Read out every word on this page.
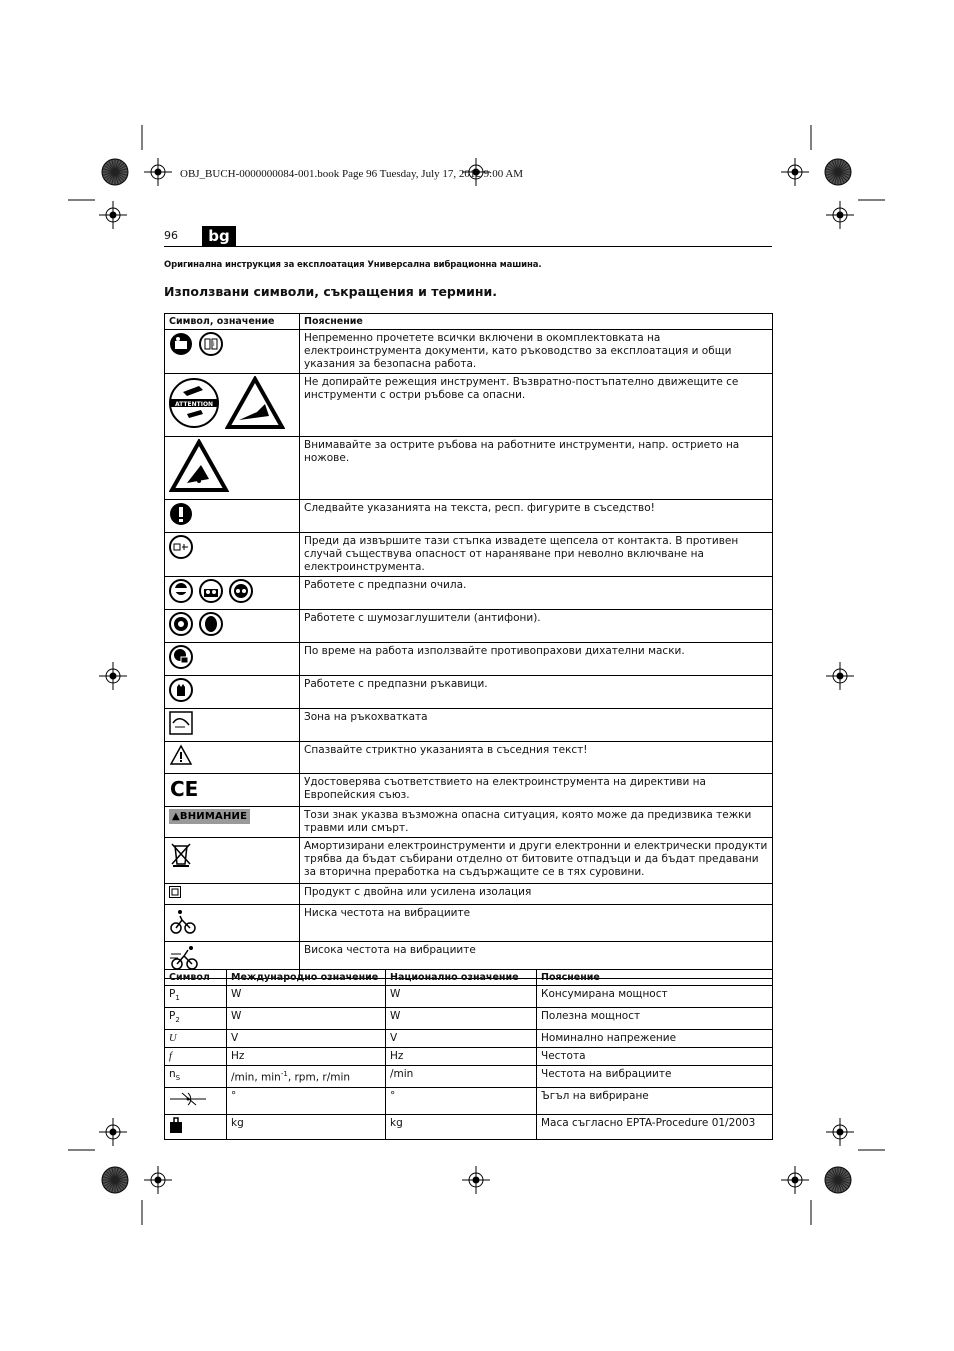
OBJ_BUCH-0000000084-001.book Page 96 Tuesday, July 17, 2012 9:00 AM
96	bg
Оригинална инструкция за експлоатация Универсална вибрационна машина.
Използвани символи, съкращения и термини.
Символ, означение	Пояснение

i	Непременно прочетете всички включени в окомплектовката на електроинструмента документи, като ръководство за експлоатация и общи указания за безопасна работа.

ATTENTION	Не допирайте режещия инструмент. Възвратно-постъпателно движещите се инструменти с остри ръбове са опасни.

	Внимавайте за острите ръбова на работните инструменти, напр. острието на ножове.

	Следвайте указанията на текста, респ. фигурите в съседство!

	Преди да извършите тази стъпка извадете щепсела от контакта. В противен случай съществува опасност от нараняване при неволно включване на електроинструмента.

	Работете с предпазни очила.

	Работете с шумозаглушители (антифони).

	По време на работа използвайте противопрахови дихателни маски.

	Работете с предпазни ръкавици.

	Зона на ръкохватката

	Спазвайте стриктно указанията в съседния текст!

CE	Удостоверява съответствието на електроинструмента на директиви на Европейския съюз.

▲ВНИМАНИЕ	Този знак указва възможна опасна ситуация, която може да предизвика тежки травми или смърт.

	Амортизирани електроинструменти и други електронни и електрически продукти трябва да бъдат събирани отделно от битовите отпадъци и да бъдат предавани за вторична преработка на съдържащите се в тях суровини.

	Продукт с двойна или усилена изолация

	Ниска честота на вибрациите

	Висока честота на вибрациите
Символ	Международно означение	Национално означение	Пояснение
$P_1$	W	W	Консумирана мощност
$P_2$	W	W	Полезна мощност
U	V	V	Номинално напрежение
f	Hz	Hz	Честота
$n_S$	/min, $\min^{-1}$, rpm, r/min	/min	Честота на вибрациите
	°	°	Ъгъл на вибриране
	kg	kg	Маса съгласно EPTA-Procedure 01/2003
